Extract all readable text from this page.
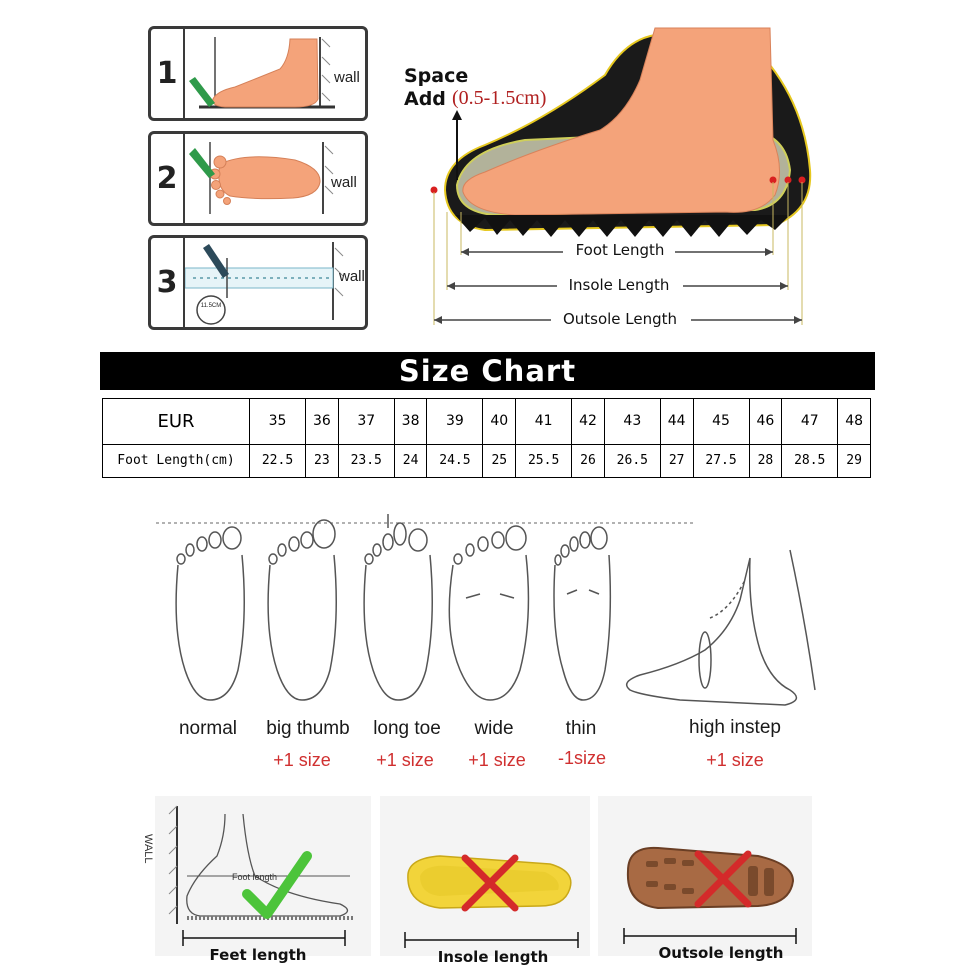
1	wall
2	wall
3
11.5CM
wall
Space
Add (0.5-1.5cm)
Foot Length
Insole Length
Outsole Length
Size Chart
EUR	35	36	37	38	39	40	41	42	43	44	45	46	47	48
Foot Length(cm)	22.5	23	23.5	24	24.5	25	25.5	26	26.5	27	27.5	28	28.5	29
normal	big thumb	long toe	wide	thin	high instep
+1 size	+1 size	+1 size	-1size	+1 size
WALL
Foot length
Feet length	Insole length	Outsole length
